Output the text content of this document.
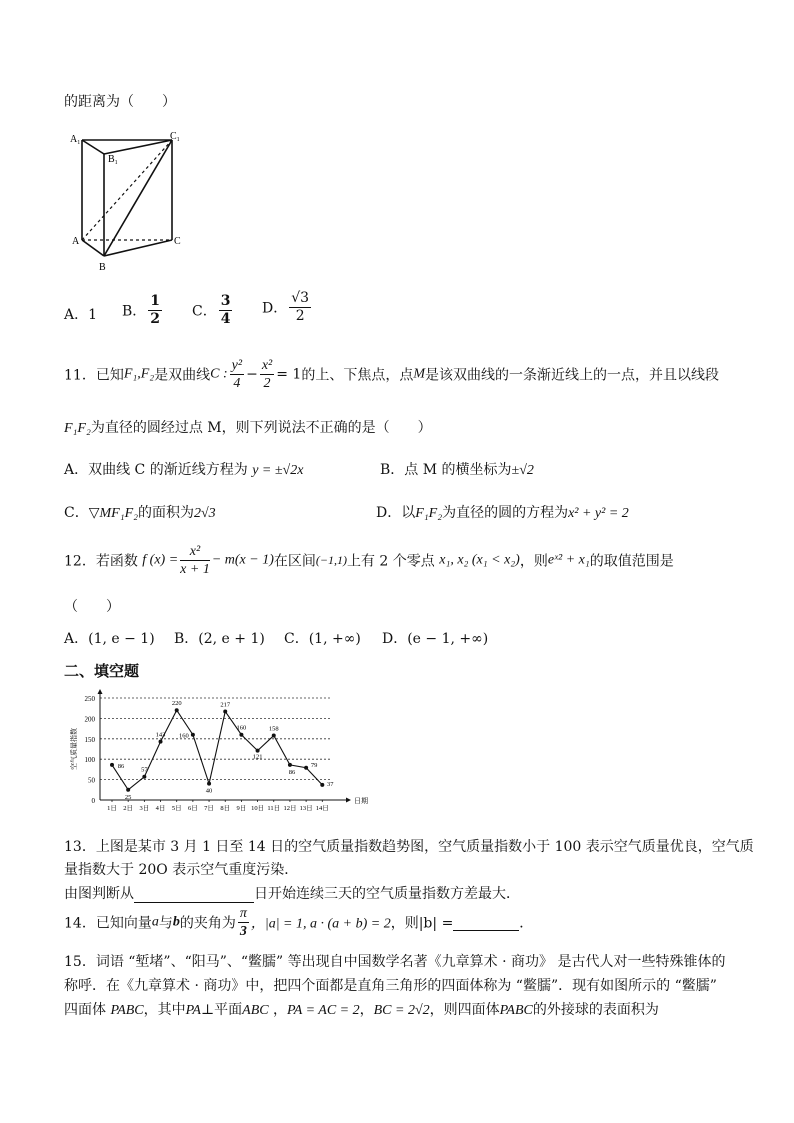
的距离为（　　）
$A_1$
$B_1$
$C_1$
A
B
C
A．1 B． $\frac{1}{2}$ C． $\frac{3}{4}$ D． $\frac{√3}{2}$
11．已知F₁,F₂是双曲线C : $\frac{\text{y²}}{4} - \frac{\text{x²}}{2} = 1$的上、下焦点，点M是该双曲线的一条渐近线上的一点，并且以线段
F₁F₂为直径的圆经过点 M，则下列说法不正确的是（　　）
A．双曲线 C 的渐近线方程为 y = ±√2x	B．点 M 的横坐标为±√2
C．▽MF₁F₂的面积为2√3	D．以F₁F₂为直径的圆的方程为x² + y² = 2
12．若函数 f $(x) = \frac{\text{x²}}{x + 1} - m(x - 1)$在区间(−1,1)上有 2 个零点 x₁, x₂ (x₁ < x₂)，则eˣ² + x₁的取值范围是
（　　）
A．(1, e − 1) B．(2, e + 1) C．(1, +∞) D．(e − 1, +∞)
二、填空题
0
50
100
150
200
250
1日 2日 3日 4日 5日 6日 7日 8日 9日 10日 11日 12日 13日 14日
空气质量指数
日期
86
25
57
143
220
160
40
217
160
121
158
86
79
37
13．上图是某市 3 月 1 日至 14 日的空气质量指数趋势图，空气质量指数小于 100 表示空气质量优良，空气质
量指数大于 20O 表示空气重度污染．
由图判断从	日开始连续三天的空气质量指数方差最大．
14．已知向量a与b的夹角为 $\frac{\pi}{3}$ ，|a| = 1, a · (a + b) = 2，则|b| =	．
15．词语 “堑堵”、“阳马”、“鳖臑” 等出现自中国数学名著《九章算术 · 商功》 是古代人对一些特殊锥体的
称呼．在《九章算术 · 商功》中，把四个面都是直角三角形的四面体称为 “鳖臑”．现有如图所示的 “鳖臑”
四面体 PABC，其中PA⊥平面ABC ，PA = AC = 2，BC = 2√2，则四面体PABC的外接球的表面积为
